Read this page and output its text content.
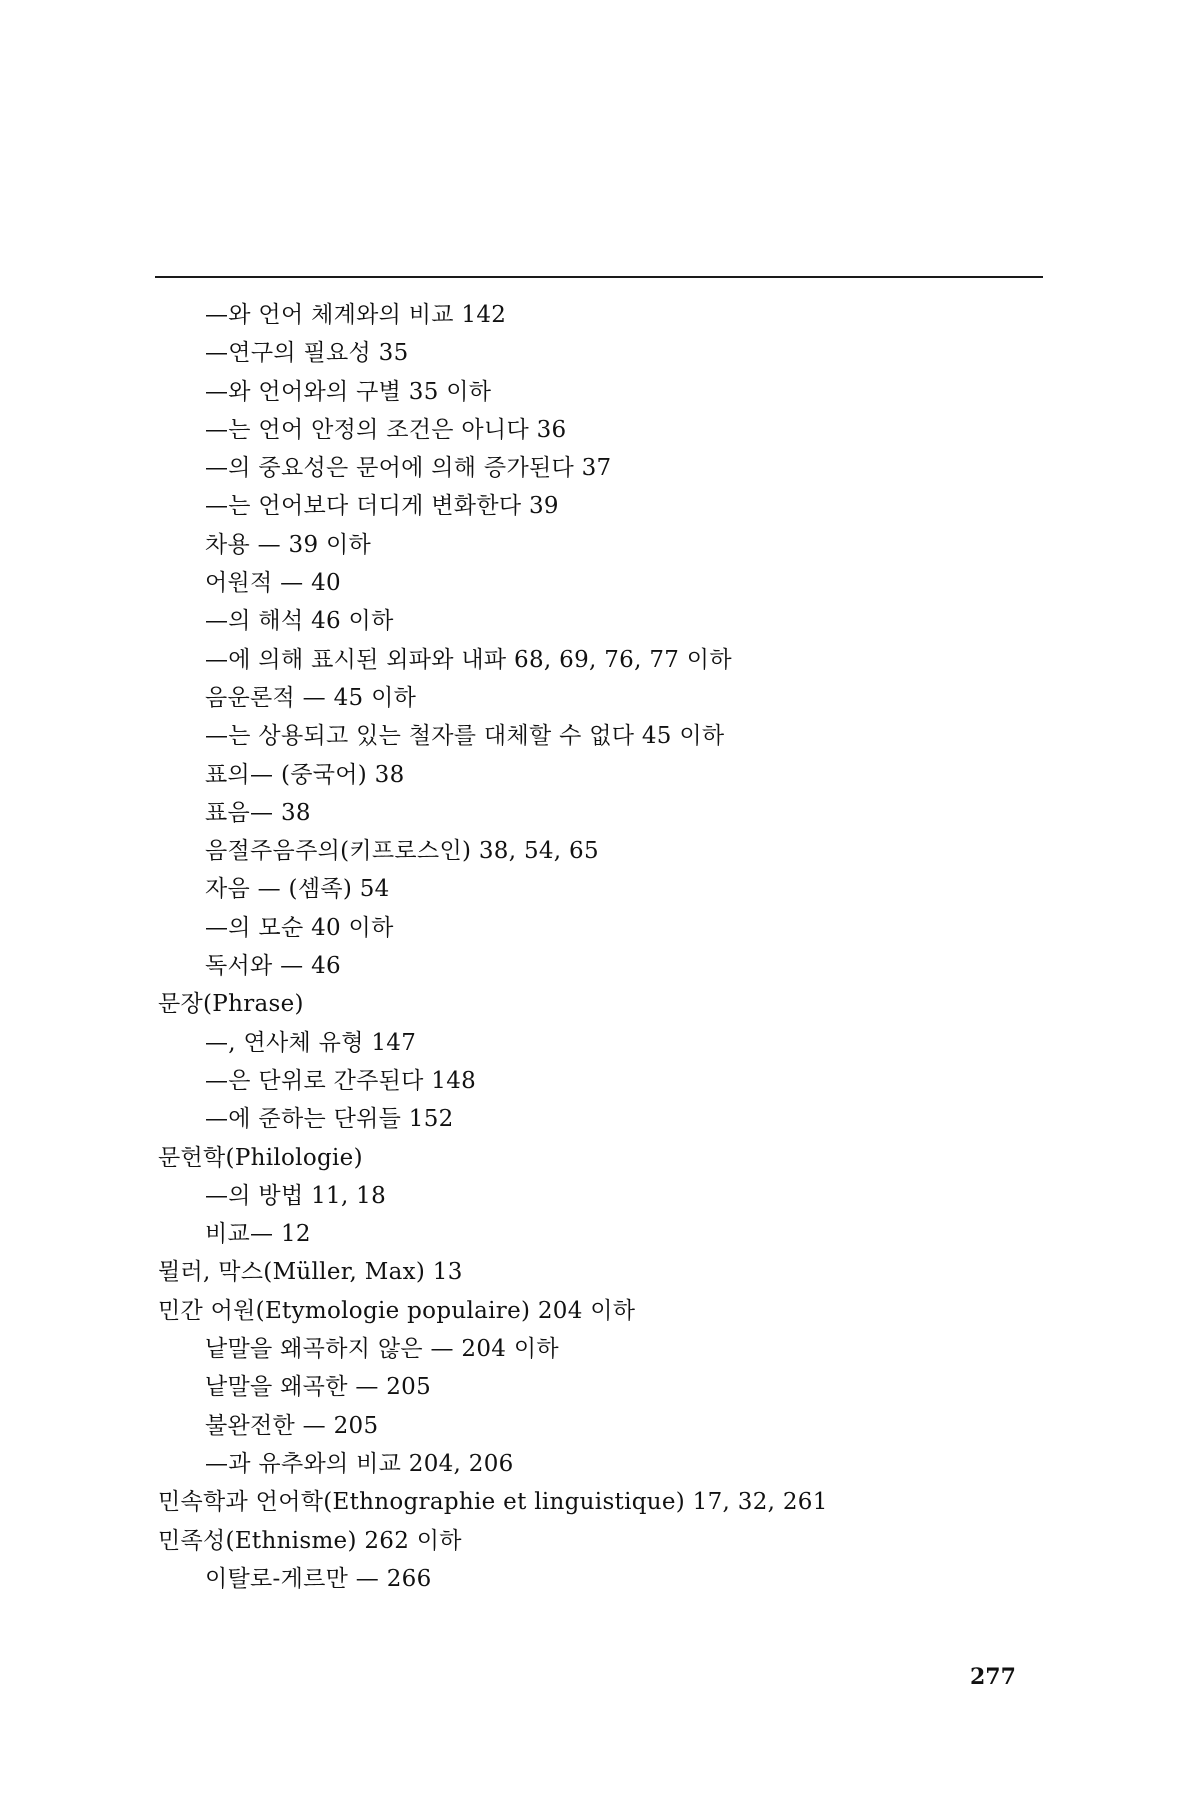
—와 언어 체계와의 비교 142
—연구의 필요성 35
—와 언어와의 구별 35 이하
—는 언어 안정의 조건은 아니다 36
—의 중요성은 문어에 의해 증가된다 37
—는 언어보다 더디게 변화한다 39
차용 — 39 이하
어원적 — 40
—의 해석 46 이하
—에 의해 표시된 외파와 내파 68, 69, 76, 77 이하
음운론적 — 45 이하
—는 상용되고 있는 철자를 대체할 수 없다 45 이하
표의— (중국어) 38
표음— 38
음절주음주의(키프로스인) 38, 54, 65
자음 — (셈족) 54
—의 모순 40 이하
독서와 — 46
문장(Phrase)
—, 연사체 유형 147
—은 단위로 간주된다 148
—에 준하는 단위들 152
문헌학(Philologie)
—의 방법 11, 18
비교— 12
뮐러, 막스(Müller, Max) 13
민간 어원(Etymologie populaire) 204 이하
낱말을 왜곡하지 않은 — 204 이하
낱말을 왜곡한 — 205
불완전한 — 205
—과 유추와의 비교 204, 206
민속학과 언어학(Ethnographie et linguistique) 17, 32, 261
민족성(Ethnisme) 262 이하
이탈로-게르만 — 266
277
